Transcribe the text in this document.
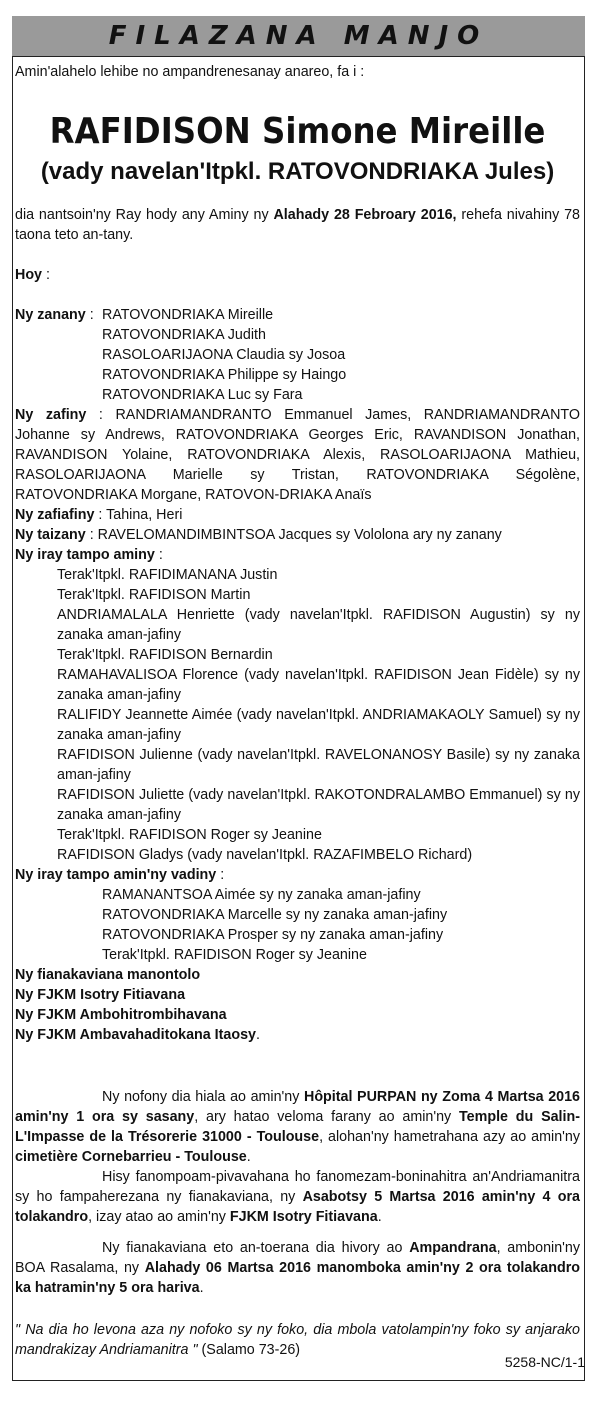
FILAZANA MANJO

Amin'alahelo lehibe no ampandrenesanay anareo, fa i :

RAFIDISON Simone Mireille

(vady navelan'Itpkl. RATOVONDRIAKA Jules)

dia nantsoin'ny Ray hody any Aminy ny Alahady 28 Febroary 2016, rehefa nivahiny 78 taona teto an-tany.

Hoy :

Ny zanany : RATOVONDRIAKA Mireille

RATOVONDRIAKA Judith

RASOLOARIJAONA Claudia sy Josoa

RATOVONDRIAKA Philippe sy Haingo

RATOVONDRIAKA Luc sy Fara

Ny zafiny : RANDRIAMANDRANTO Emmanuel James, RANDRIAMANDRANTO Johanne sy Andrews, RATOVONDRIAKA Georges Eric, RAVANDISON Jonathan, RAVANDISON Yolaine, RATOVONDRIAKA Alexis, RASOLOARIJAONA Mathieu, RASOLOARIJAONA Marielle sy Tristan, RATOVONDRIAKA Ségolène, RATOVONDRIAKA Morgane, RATOVON-DRIAKA Anaïs

Ny zafiafiny : Tahina, Heri

Ny taizany : RAVELOMANDIMBINTSOA Jacques sy Vololona ary ny zanany

Ny iray tampo aminy :

Terak'Itpkl. RAFIDIMANANA Justin

Terak'Itpkl. RAFIDISON Martin

ANDRIAMALALA Henriette (vady navelan'Itpkl. RAFIDISON Augustin) sy ny zanaka aman-jafiny

Terak'Itpkl. RAFIDISON Bernardin

RAMAHAVALISOA Florence (vady navelan'Itpkl. RAFIDISON Jean Fidèle) sy ny zanaka aman-jafiny

RALIFIDY Jeannette Aimée (vady navelan'Itpkl. ANDRIAMAKAOLY Samuel) sy ny zanaka aman-jafiny

RAFIDISON Julienne (vady navelan'Itpkl. RAVELONANOSY Basile) sy ny zanaka aman-jafiny

RAFIDISON Juliette (vady navelan'Itpkl. RAKOTONDRALAMBO Emmanuel) sy ny zanaka aman-jafiny

Terak'Itpkl. RAFIDISON Roger sy Jeanine

RAFIDISON Gladys (vady navelan'Itpkl. RAZAFIMBELO Richard)

Ny iray tampo amin'ny vadiny :

RAMANANTSOA Aimée sy ny zanaka aman-jafiny

RATOVONDRIAKA Marcelle sy ny zanaka aman-jafiny

RATOVONDRIAKA Prosper sy ny zanaka aman-jafiny

Terak'Itpkl. RAFIDISON Roger sy Jeanine

Ny fianakaviana manontolo

Ny FJKM Isotry Fitiavana

Ny FJKM Ambohitrombihavana

Ny FJKM Ambavahaditokana Itaosy.

Ny nofony dia hiala ao amin'ny Hôpital PURPAN ny Zoma 4 Martsa 2016 amin'ny 1 ora sy sasany, ary hatao veloma farany ao amin'ny Temple du Salin-L'Impasse de la Trésorerie 31000 - Toulouse, alohan'ny hametrahana azy ao amin'ny cimetière Cornebarrieu - Toulouse.

Hisy fanompoam-pivavahana ho fanomezam-boninahitra an'Andriamanitra sy ho fampaherezana ny fianakaviana, ny Asabotsy 5 Martsa 2016 amin'ny 4 ora tolakandro, izay atao ao amin'ny FJKM Isotry Fitiavana.

Ny fianakaviana eto an-toerana dia hivory ao Ampandrana, ambonin'ny BOA Rasalama, ny Alahady 06 Martsa 2016 manomboka amin'ny 2 ora tolakandro ka hatramin'ny 5 ora hariva.

" Na dia ho levona aza ny nofoko sy ny foko, dia mbola vatolampin'ny foko sy anjarako mandrakizay Andriamanitra " (Salamo 73-26)

5258-NC/1-1
